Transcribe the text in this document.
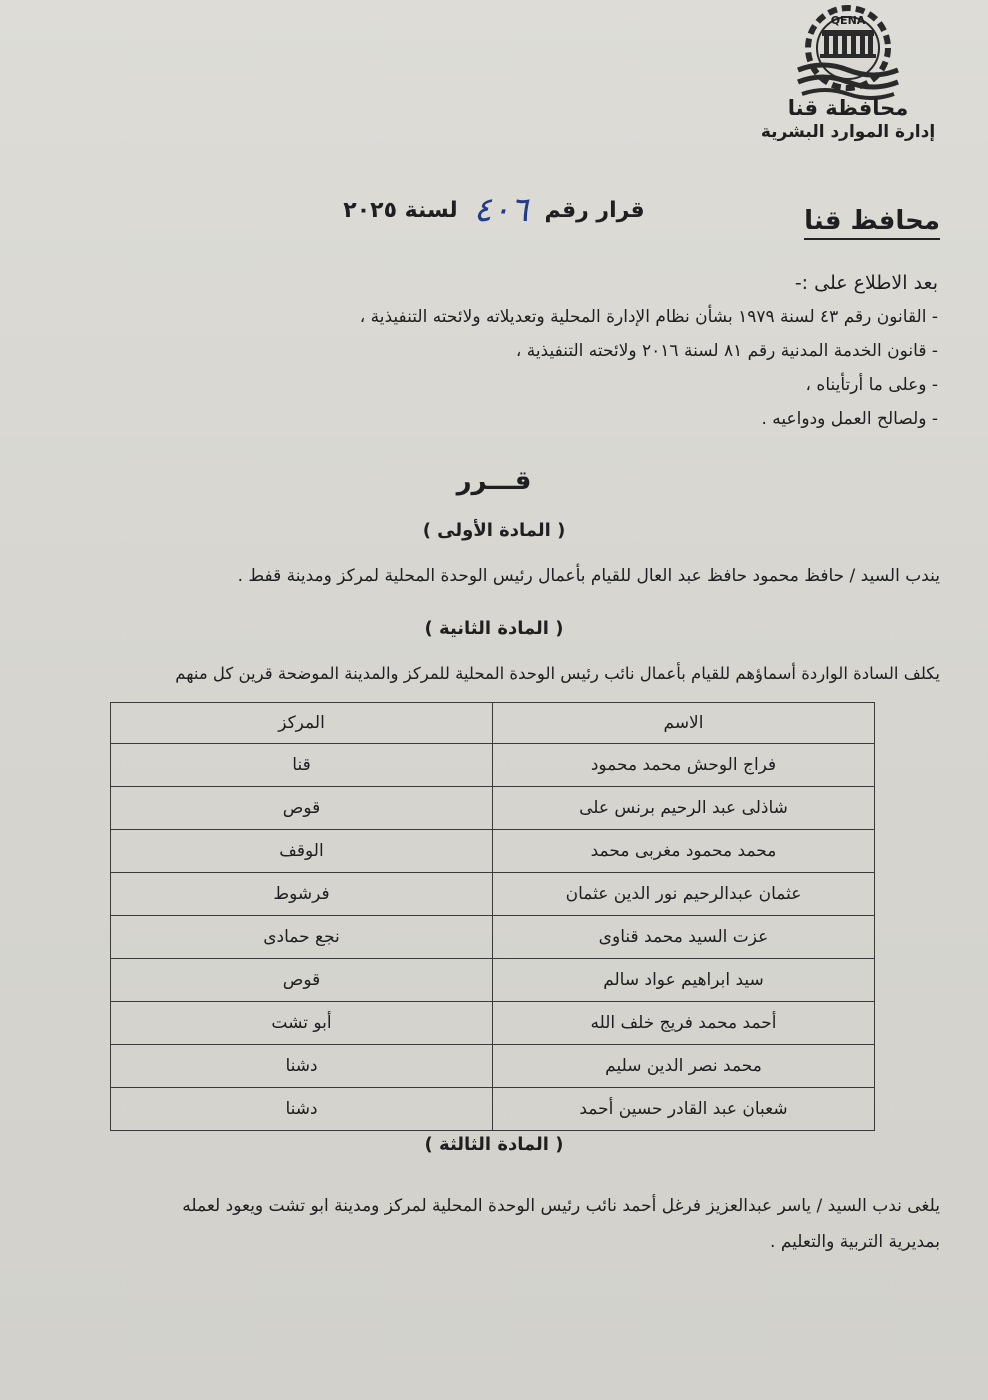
QENA
محافظة قنا
إدارة الموارد البشرية
قرار رقم
٤٠٦
لسنة ٢٠٢٥	محافظ قنا
بعد الاطلاع على :-
- القانون رقم ٤٣ لسنة ١٩٧٩ بشأن نظام الإدارة المحلية وتعديلاته ولائحته التنفيذية ،
- قانون الخدمة المدنية رقم ٨١ لسنة ٢٠١٦ ولائحته التنفيذية ،
- وعلى ما أرتأيناه ،
- ولصالح العمل ودواعيه .
قـــرر
( المادة الأولى )
يندب السيد / حافظ محمود حافظ عبد العال للقيام بأعمال رئيس الوحدة المحلية لمركز ومدينة قفط .
( المادة الثانية )
يكلف السادة الواردة أسماؤهم للقيام بأعمال نائب رئيس الوحدة المحلية للمركز والمدينة الموضحة قرين كل منهم
الاسم	المركز
فراج الوحش محمد محمود	قنا
شاذلى عبد الرحيم برنس على	قوص
محمد محمود مغربى محمد	الوقف
عثمان عبدالرحيم نور الدين عثمان	فرشوط
عزت السيد محمد قناوى	نجع حمادى
سيد ابراهيم عواد سالم	قوص
أحمد محمد فريج خلف الله	أبو تشت
محمد نصر الدين سليم	دشنا
شعبان عبد القادر حسين أحمد	دشنا
( المادة الثالثة )
يلغى ندب السيد / ياسر عبدالعزيز فرغل أحمد نائب رئيس الوحدة المحلية لمركز ومدينة ابو تشت ويعود لعمله
بمديرية التربية والتعليم .
